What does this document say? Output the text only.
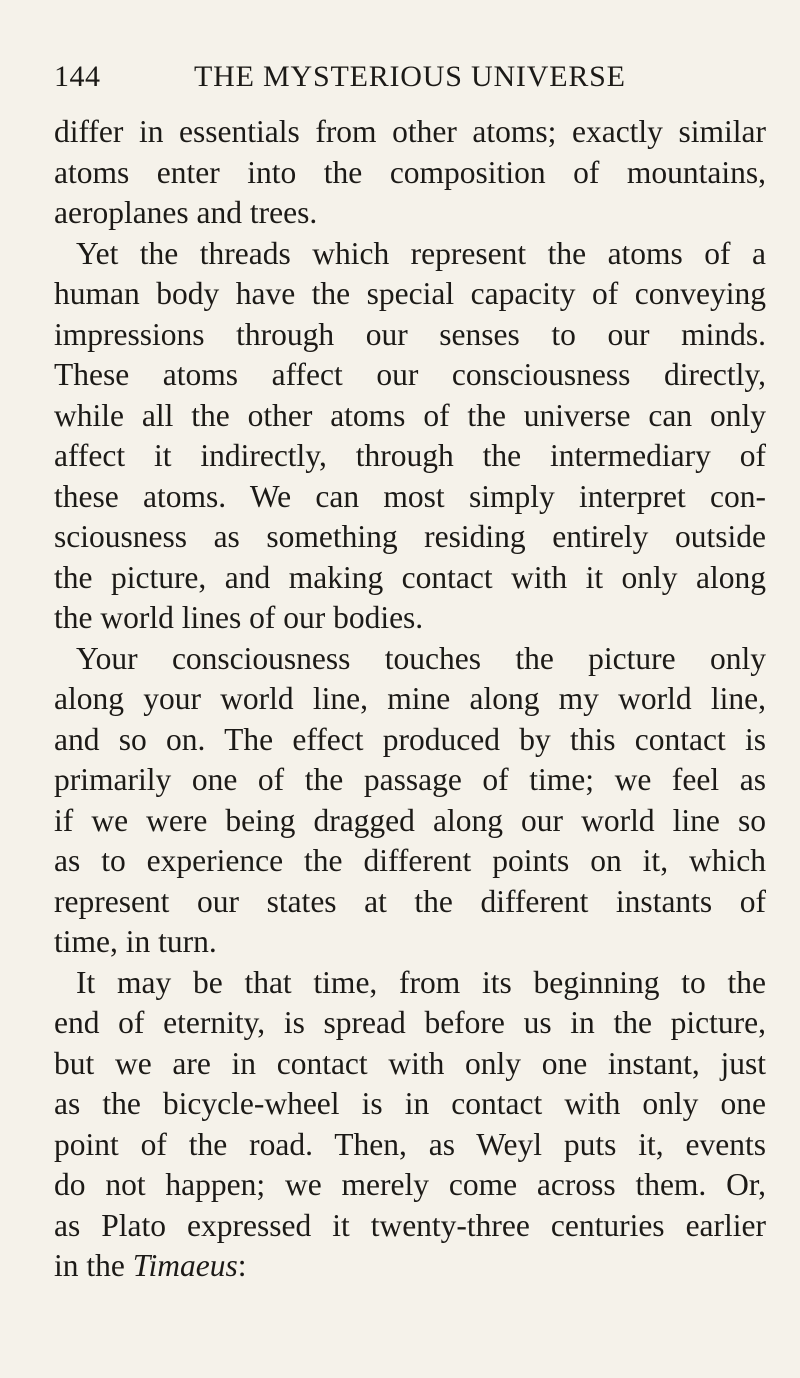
144	THE MYSTERIOUS UNIVERSE
differ in essentials from other atoms; exactly similar
atoms enter into the composition of mountains,
aeroplanes and trees.
Yet the threads which represent the atoms of a
human body have the special capacity of conveying
impressions through our senses to our minds.
These atoms affect our consciousness directly,
while all the other atoms of the universe can only
affect it indirectly, through the intermediary of
these atoms. We can most simply interpret con-
sciousness as something residing entirely outside
the picture, and making contact with it only along
the world lines of our bodies.
Your consciousness touches the picture only
along your world line, mine along my world line,
and so on. The effect produced by this contact is
primarily one of the passage of time; we feel as
if we were being dragged along our world line so
as to experience the different points on it, which
represent our states at the different instants of
time, in turn.
It may be that time, from its beginning to the
end of eternity, is spread before us in the picture,
but we are in contact with only one instant, just
as the bicycle-wheel is in contact with only one
point of the road. Then, as Weyl puts it, events
do not happen; we merely come across them. Or,
as Plato expressed it twenty-three centuries earlier
in the Timaeus:
